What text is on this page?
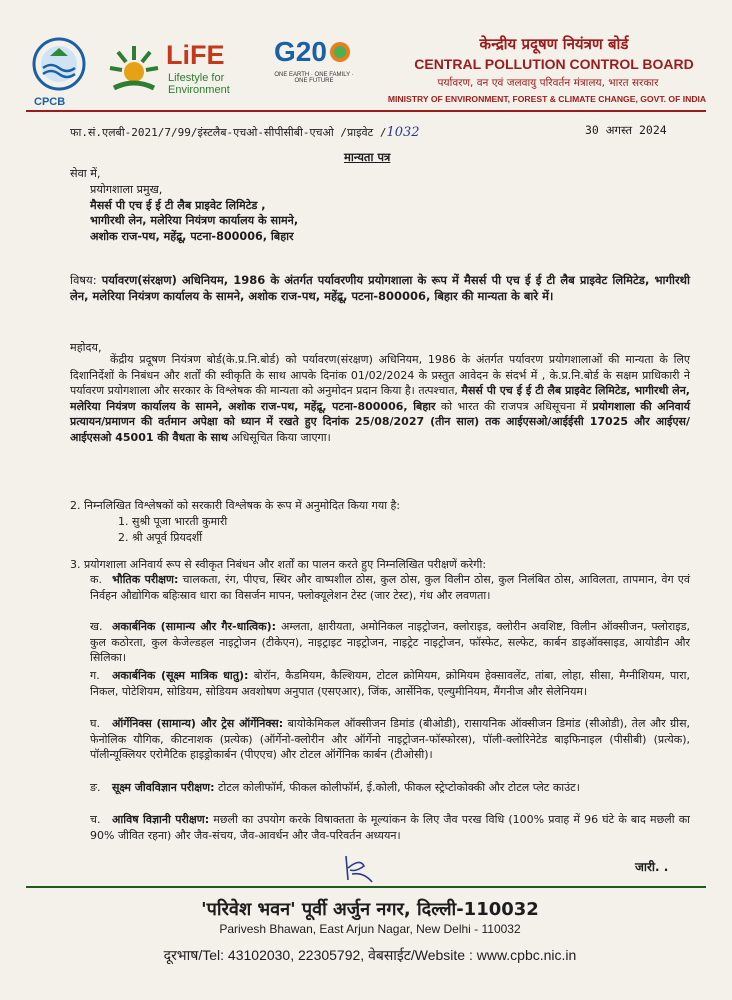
CPCB
LiFE
Lifestyle for
Environment
G20
ONE EARTH · ONE FAMILY · ONE FUTURE
केन्द्रीय प्रदूषण नियंत्रण बोर्ड
CENTRAL POLLUTION CONTROL BOARD
पर्यावरण, वन एवं जलवायु परिवर्तन मंत्रालय, भारत सरकार
MINISTRY OF ENVIRONMENT, FOREST & CLIMATE CHANGE, GOVT. OF INDIA
फा.सं.एलबी-2021/7/99/इंस्टलैब-एचओ-सीपीसीबी-एचओ /प्राइवेट /1032	30 अगस्त 2024
मान्यता पत्र
सेवा में,
प्रयोगशाला प्रमुख,
मैसर्स पी एच ई ई टी लैब प्राइवेट लिमिटेड ,
भागीरथी लेन, मलेरिया नियंत्रण कार्यालय के सामने,
अशोक राज-पथ, महेंद्रू, पटना-800006, बिहार
विषय: पर्यावरण(संरक्षण) अधिनियम, 1986 के अंतर्गत पर्यावरणीय प्रयोगशाला के रूप में मैसर्स पी एच ई ई टी लैब प्राइवेट लिमिटेड, भागीरथी लेन, मलेरिया नियंत्रण कार्यालय के सामने, अशोक राज-पथ, महेंद्रू, पटना-800006, बिहार की मान्यता के बारे में।
महोदय,
केंद्रीय प्रदूषण नियंत्रण बोर्ड(के.प्र.नि.बोर्ड) को पर्यावरण(संरक्षण) अधिनियम, 1986 के अंतर्गत पर्यावरण प्रयोगशालाओं की मान्यता के लिए दिशानिर्देशों के निबंधन और शर्तों की स्वीकृति के साथ आपके दिनांक 01/02/2024 के प्रस्तुत आवेदन के संदर्भ में , के.प्र.नि.बोर्ड के सक्षम प्राधिकारी ने पर्यावरण प्रयोगशाला और सरकार के विश्लेषक की मान्यता को अनुमोदन प्रदान किया है। तत्पश्चात, मैसर्स पी एच ई ई टी लैब प्राइवेट लिमिटेड, भागीरथी लेन, मलेरिया नियंत्रण कार्यालय के सामने, अशोक राज-पथ, महेंद्रू, पटना-800006, बिहार को भारत की राजपत्र अधिसूचना में प्रयोगशाला की अनिवार्य प्रत्यायन/प्रमाणन की वर्तमान अपेक्षा को ध्यान में रखते हुए दिनांक 25/08/2027 (तीन साल) तक आईएसओ/आईईसी 17025 और आईएस/आईएसओ 45001 की वैधता के साथ अधिसूचित किया जाएगा।
2. निम्नलिखित विश्लेषकों को सरकारी विश्लेषक के रूप में अनुमोदित किया गया है:
1. सुश्री पूजा भारती कुमारी
2. श्री अपूर्व प्रियदर्शी
3. प्रयोगशाला अनिवार्य रूप से स्वीकृत निबंधन और शर्तों का पालन करते हुए निम्नलिखित परीक्षणें करेगी:
क. भौतिक परीक्षण: चालकता, रंग, पीएच, स्थिर और वाष्पशील ठोस, कुल ठोस, कुल विलीन ठोस, कुल निलंबित ठोस, आविलता, तापमान, वेग एवं निर्वहन औद्योगिक बहिःस्राव धारा का विसर्जन मापन, फ्लोक्यूलेशन टेस्ट (जार टेस्ट), गंध और लवणता।
ख. अकार्बनिक (सामान्य और गैर-धात्विक): अम्लता, क्षारीयता, अमोनिकल नाइट्रोजन, क्लोराइड, क्लोरीन अवशिष्ट, विलीन ऑक्सीजन, फ्लोराइड, कुल कठोरता, कुल केजेल्डहल नाइट्रोजन (टीकेएन), नाइट्राइट नाइट्रोजन, नाइट्रेट नाइट्रोजन, फॉस्फेट, सल्फेट, कार्बन डाइऑक्साइड, आयोडीन और सिलिका।
ग. अकार्बनिक (सूक्ष्म मात्रिक धातु): बोरॉन, कैडमियम, कैल्शियम, टोटल क्रोमियम, क्रोमियम हेक्सावलेंट, तांबा, लोहा, सीसा, मैग्नीशियम, पारा, निकल, पोटेशियम, सोडियम, सोडियम अवशोषण अनुपात (एसएआर), जिंक, आर्सेनिक, एल्युमीनियम, मैंगनीज और सेलेनियम।
घ. ऑर्गेनिक्स (सामान्य) और ट्रेस ऑर्गेनिक्स: बायोकेमिकल ऑक्सीजन डिमांड (बीओडी), रासायनिक ऑक्सीजन डिमांड (सीओडी), तेल और ग्रीस, फेनोलिक यौगिक, कीटनाशक (प्रत्येक) (ऑर्गेनो-क्लोरीन और ऑर्गेनो नाइट्रोजन-फॉस्फोरस), पॉली-क्लोरिनेटेड बाइफिनाइल (पीसीबी) (प्रत्येक), पॉलीन्यूक्लियर एरोमैटिक हाइड्रोकार्बन (पीएएच) और टोटल ऑर्गेनिक कार्बन (टीओसी)।
ङ. सूक्ष्म जीवविज्ञान परीक्षण: टोटल कोलीफॉर्म, फीकल कोलीफॉर्म, ई.कोली, फीकल स्ट्रेप्टोकोक्की और टोटल प्लेट काउंट।
च. आविष विज्ञानी परीक्षण: मछली का उपयोग करके विषाक्तता के मूल्यांकन के लिए जैव परख विधि (100% प्रवाह में 96 घंटे के बाद मछली का 90% जीवित रहना) और जैव-संचय, जैव-आवर्धन और जैव-परिवर्तन अध्ययन।
जारी. .
'परिवेश भवन' पूर्वी अर्जुन नगर, दिल्ली-110032
Parivesh Bhawan, East Arjun Nagar, New Delhi - 110032
दूरभाष/Tel: 43102030, 22305792, वेबसाईट/Website : www.cpbc.nic.in
